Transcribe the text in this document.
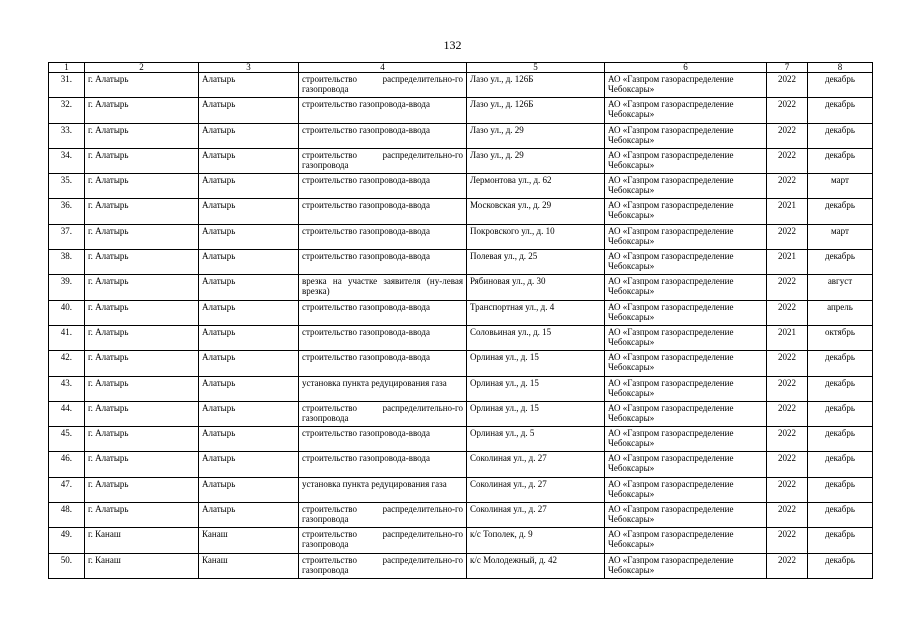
132
1	2	3	4	5	6	7	8
31.	г. Алатырь	Алатырь	строительство распределительно-го газопровода	Лазо ул., д. 126Б	АО «Газпром газораспределение Чебоксары»	2022	декабрь
32.	г. Алатырь	Алатырь	строительство газопровода-ввода	Лазо ул., д. 126Б	АО «Газпром газораспределение Чебоксары»	2022	декабрь
33.	г. Алатырь	Алатырь	строительство газопровода-ввода	Лазо ул., д. 29	АО «Газпром газораспределение Чебоксары»	2022	декабрь
34.	г. Алатырь	Алатырь	строительство распределительно-го газопровода	Лазо ул., д. 29	АО «Газпром газораспределение Чебоксары»	2022	декабрь
35.	г. Алатырь	Алатырь	строительство газопровода-ввода	Лермонтова ул., д. 62	АО «Газпром газораспределение Чебоксары»	2022	март
36.	г. Алатырь	Алатырь	строительство газопровода-ввода	Московская ул., д. 29	АО «Газпром газораспределение Чебоксары»	2021	декабрь
37.	г. Алатырь	Алатырь	строительство газопровода-ввода	Покровского ул., д. 10	АО «Газпром газораспределение Чебоксары»	2022	март
38.	г. Алатырь	Алатырь	строительство газопровода-ввода	Полевая ул., д. 25	АО «Газпром газораспределение Чебоксары»	2021	декабрь
39.	г. Алатырь	Алатырь	врезка на участке заявителя (ну-левая врезка)	Рябиновая ул., д. 30	АО «Газпром газораспределение Чебоксары»	2022	август
40.	г. Алатырь	Алатырь	строительство газопровода-ввода	Транспортная ул., д. 4	АО «Газпром газораспределение Чебоксары»	2022	апрель
41.	г. Алатырь	Алатырь	строительство газопровода-ввода	Соловьиная ул., д. 15	АО «Газпром газораспределение Чебоксары»	2021	октябрь
42.	г. Алатырь	Алатырь	строительство газопровода-ввода	Орлиная ул., д. 15	АО «Газпром газораспределение Чебоксары»	2022	декабрь
43.	г. Алатырь	Алатырь	установка пункта редуцирования газа	Орлиная ул., д. 15	АО «Газпром газораспределение Чебоксары»	2022	декабрь
44.	г. Алатырь	Алатырь	строительство распределительно-го газопровода	Орлиная ул., д. 15	АО «Газпром газораспределение Чебоксары»	2022	декабрь
45.	г. Алатырь	Алатырь	строительство газопровода-ввода	Орлиная ул., д. 5	АО «Газпром газораспределение Чебоксары»	2022	декабрь
46.	г. Алатырь	Алатырь	строительство газопровода-ввода	Соколиная ул., д. 27	АО «Газпром газораспределение Чебоксары»	2022	декабрь
47.	г. Алатырь	Алатырь	установка пункта редуцирования газа	Соколиная ул., д. 27	АО «Газпром газораспределение Чебоксары»	2022	декабрь
48.	г. Алатырь	Алатырь	строительство распределительно-го газопровода	Соколиная ул., д. 27	АО «Газпром газораспределение Чебоксары»	2022	декабрь
49.	г. Канаш	Канаш	строительство распределительно-го газопровода	к/с Тополек, д. 9	АО «Газпром газораспределение Чебоксары»	2022	декабрь
50.	г. Канаш	Канаш	строительство распределительно-го газопровода	к/с Молодежный, д. 42	АО «Газпром газораспределение Чебоксары»	2022	декабрь
